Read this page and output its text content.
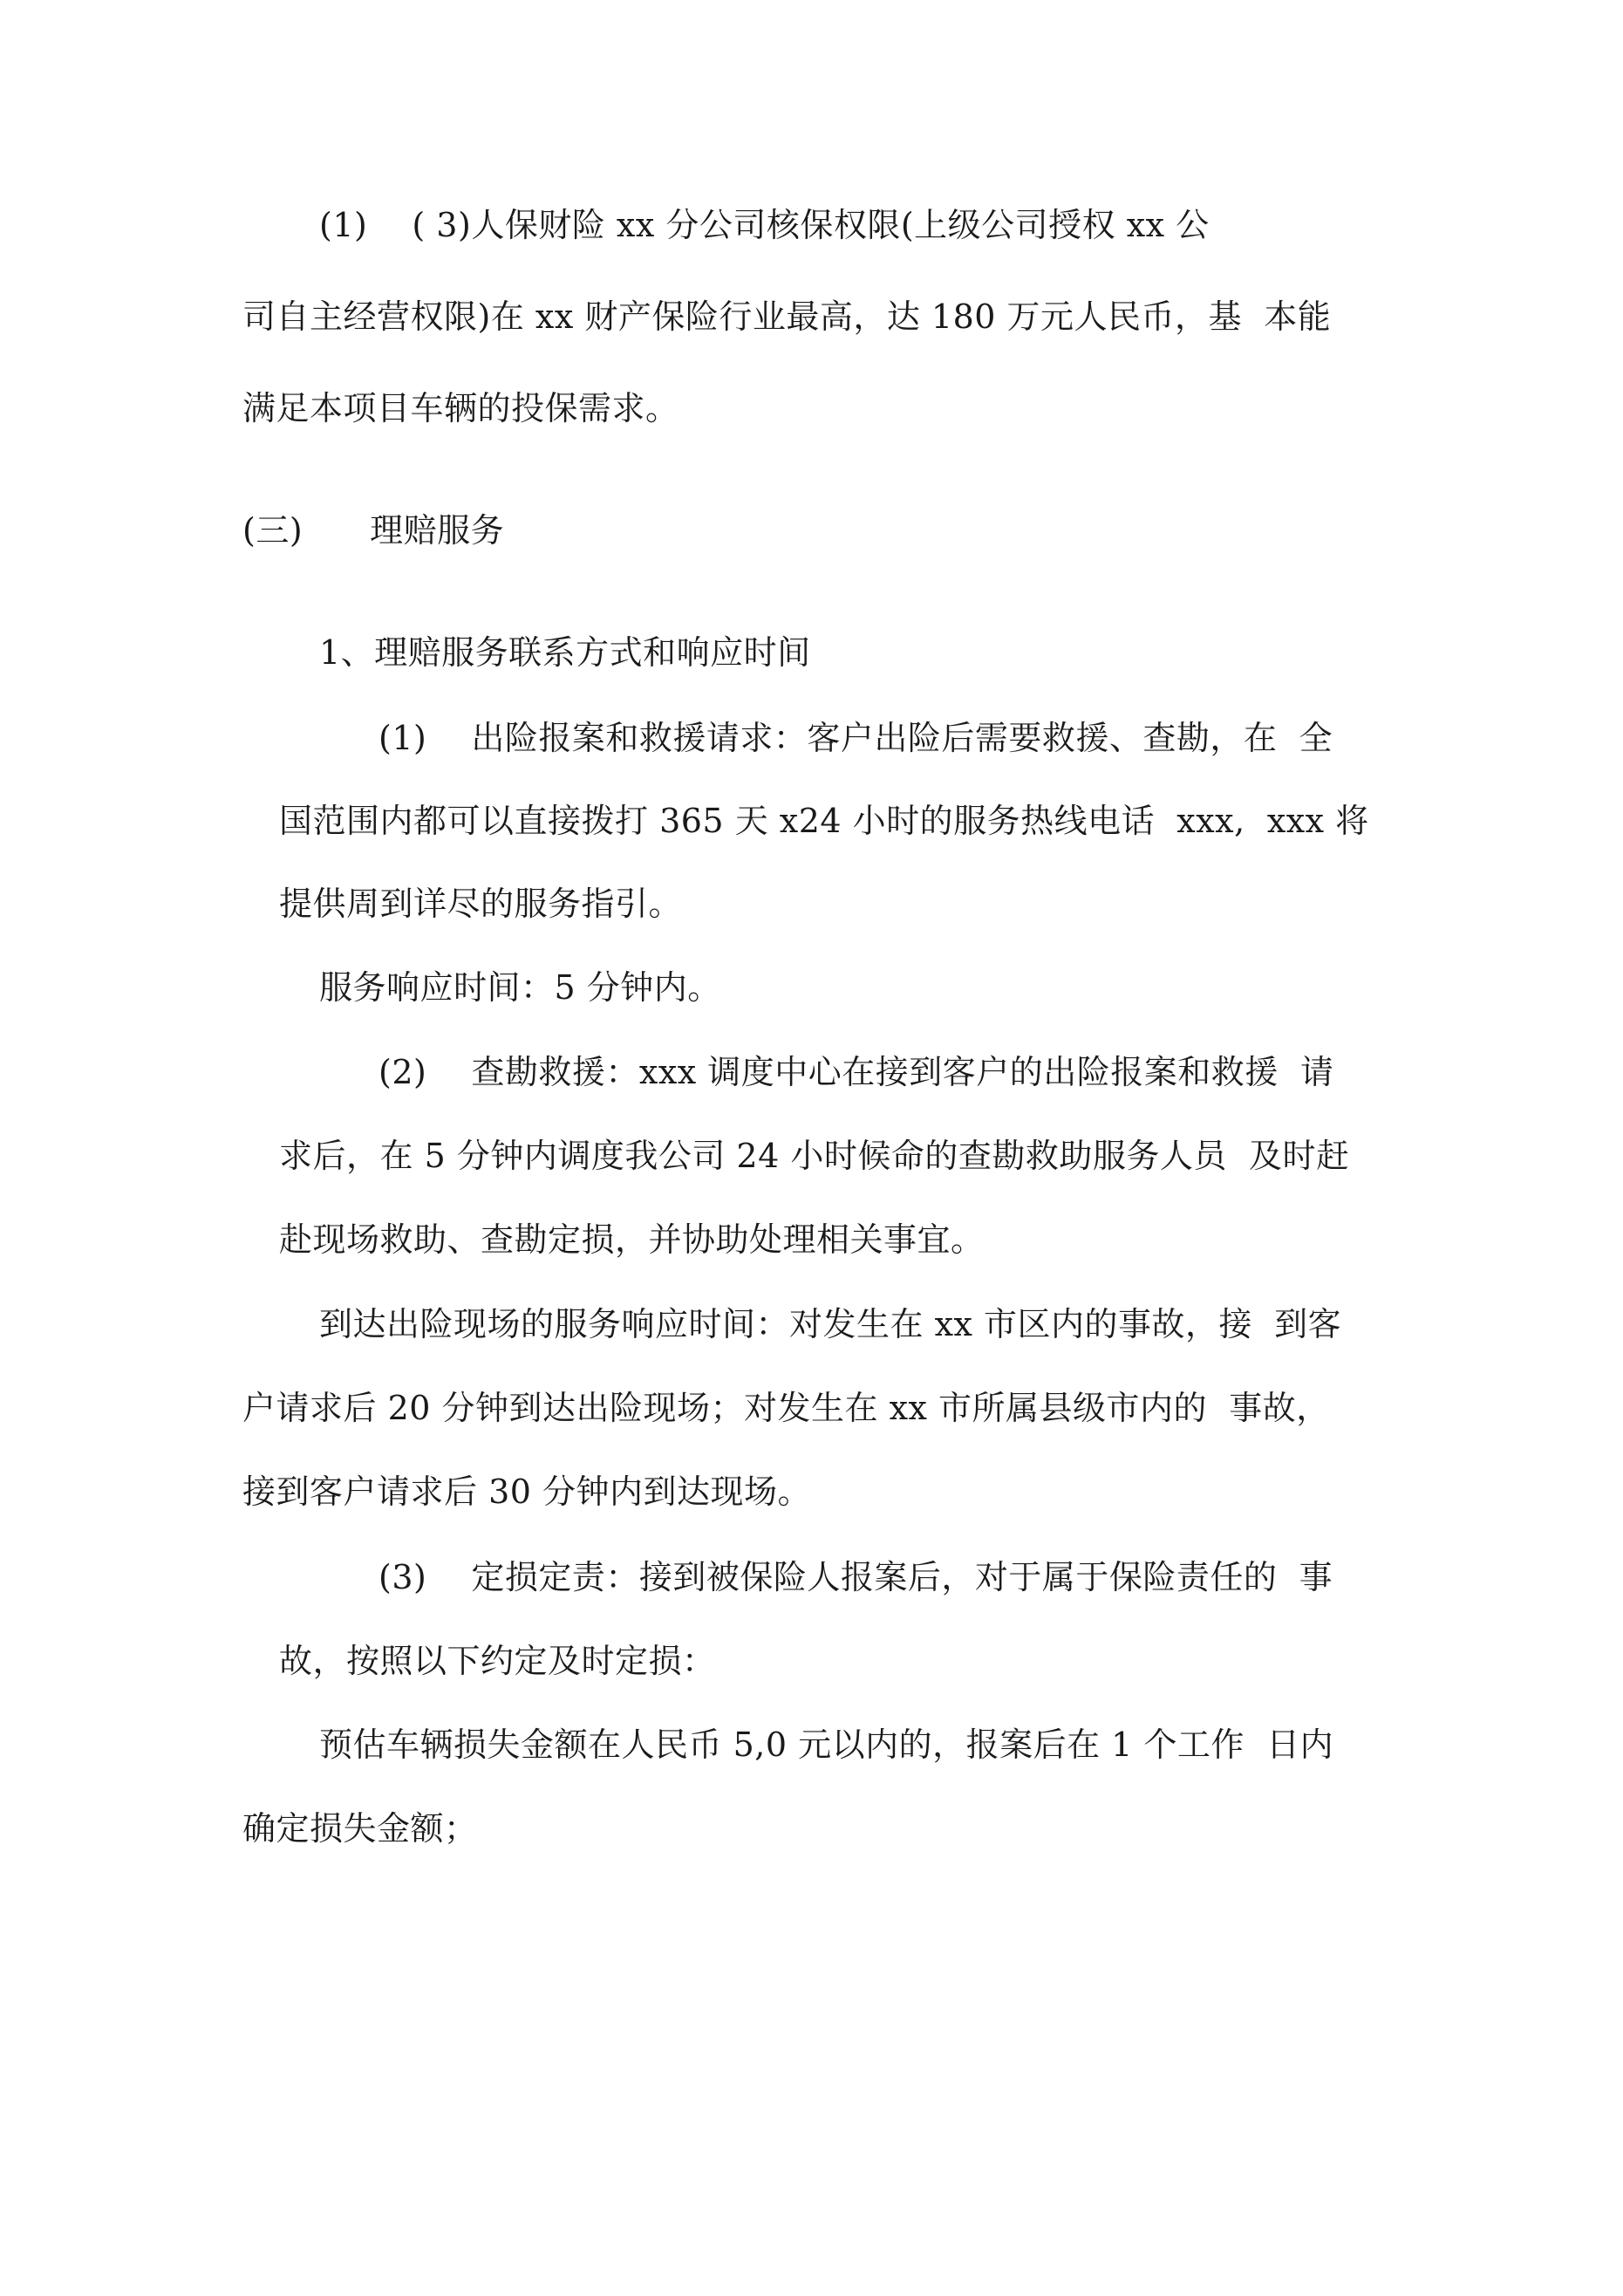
(1)　 ( 3)人保财险 xx 分公司核保权限(上级公司授权 xx 公
司自主经营权限)在 xx 财产保险行业最高，达 180 万元人民币，基  本能
满足本项目车辆的投保需求。
(三)　　理赔服务
1、理赔服务联系方式和响应时间
(1)　 出险报案和救援请求：客户出险后需要救援、查勘，在  全
国范围内都可以直接拨打 365 天 x24 小时的服务热线电话  xxx,  xxx 将
提供周到详尽的服务指引。
服务响应时间：5 分钟内。
(2)　 查勘救援：xxx 调度中心在接到客户的出险报案和救援  请
求后，在 5 分钟内调度我公司 24 小时候命的查勘救助服务人员  及时赶
赴现场救助、查勘定损，并协助处理相关事宜。
到达出险现场的服务响应时间：对发生在 xx 市区内的事故，接  到客
户请求后 20 分钟到达出险现场；对发生在 xx 市所属县级市内的  事故，
接到客户请求后 30 分钟内到达现场。
(3)　 定损定责：接到被保险人报案后，对于属于保险责任的  事
故，按照以下约定及时定损：
预估车辆损失金额在人民币 5,0 元以内的，报案后在 1 个工作  日内
确定损失金额；
